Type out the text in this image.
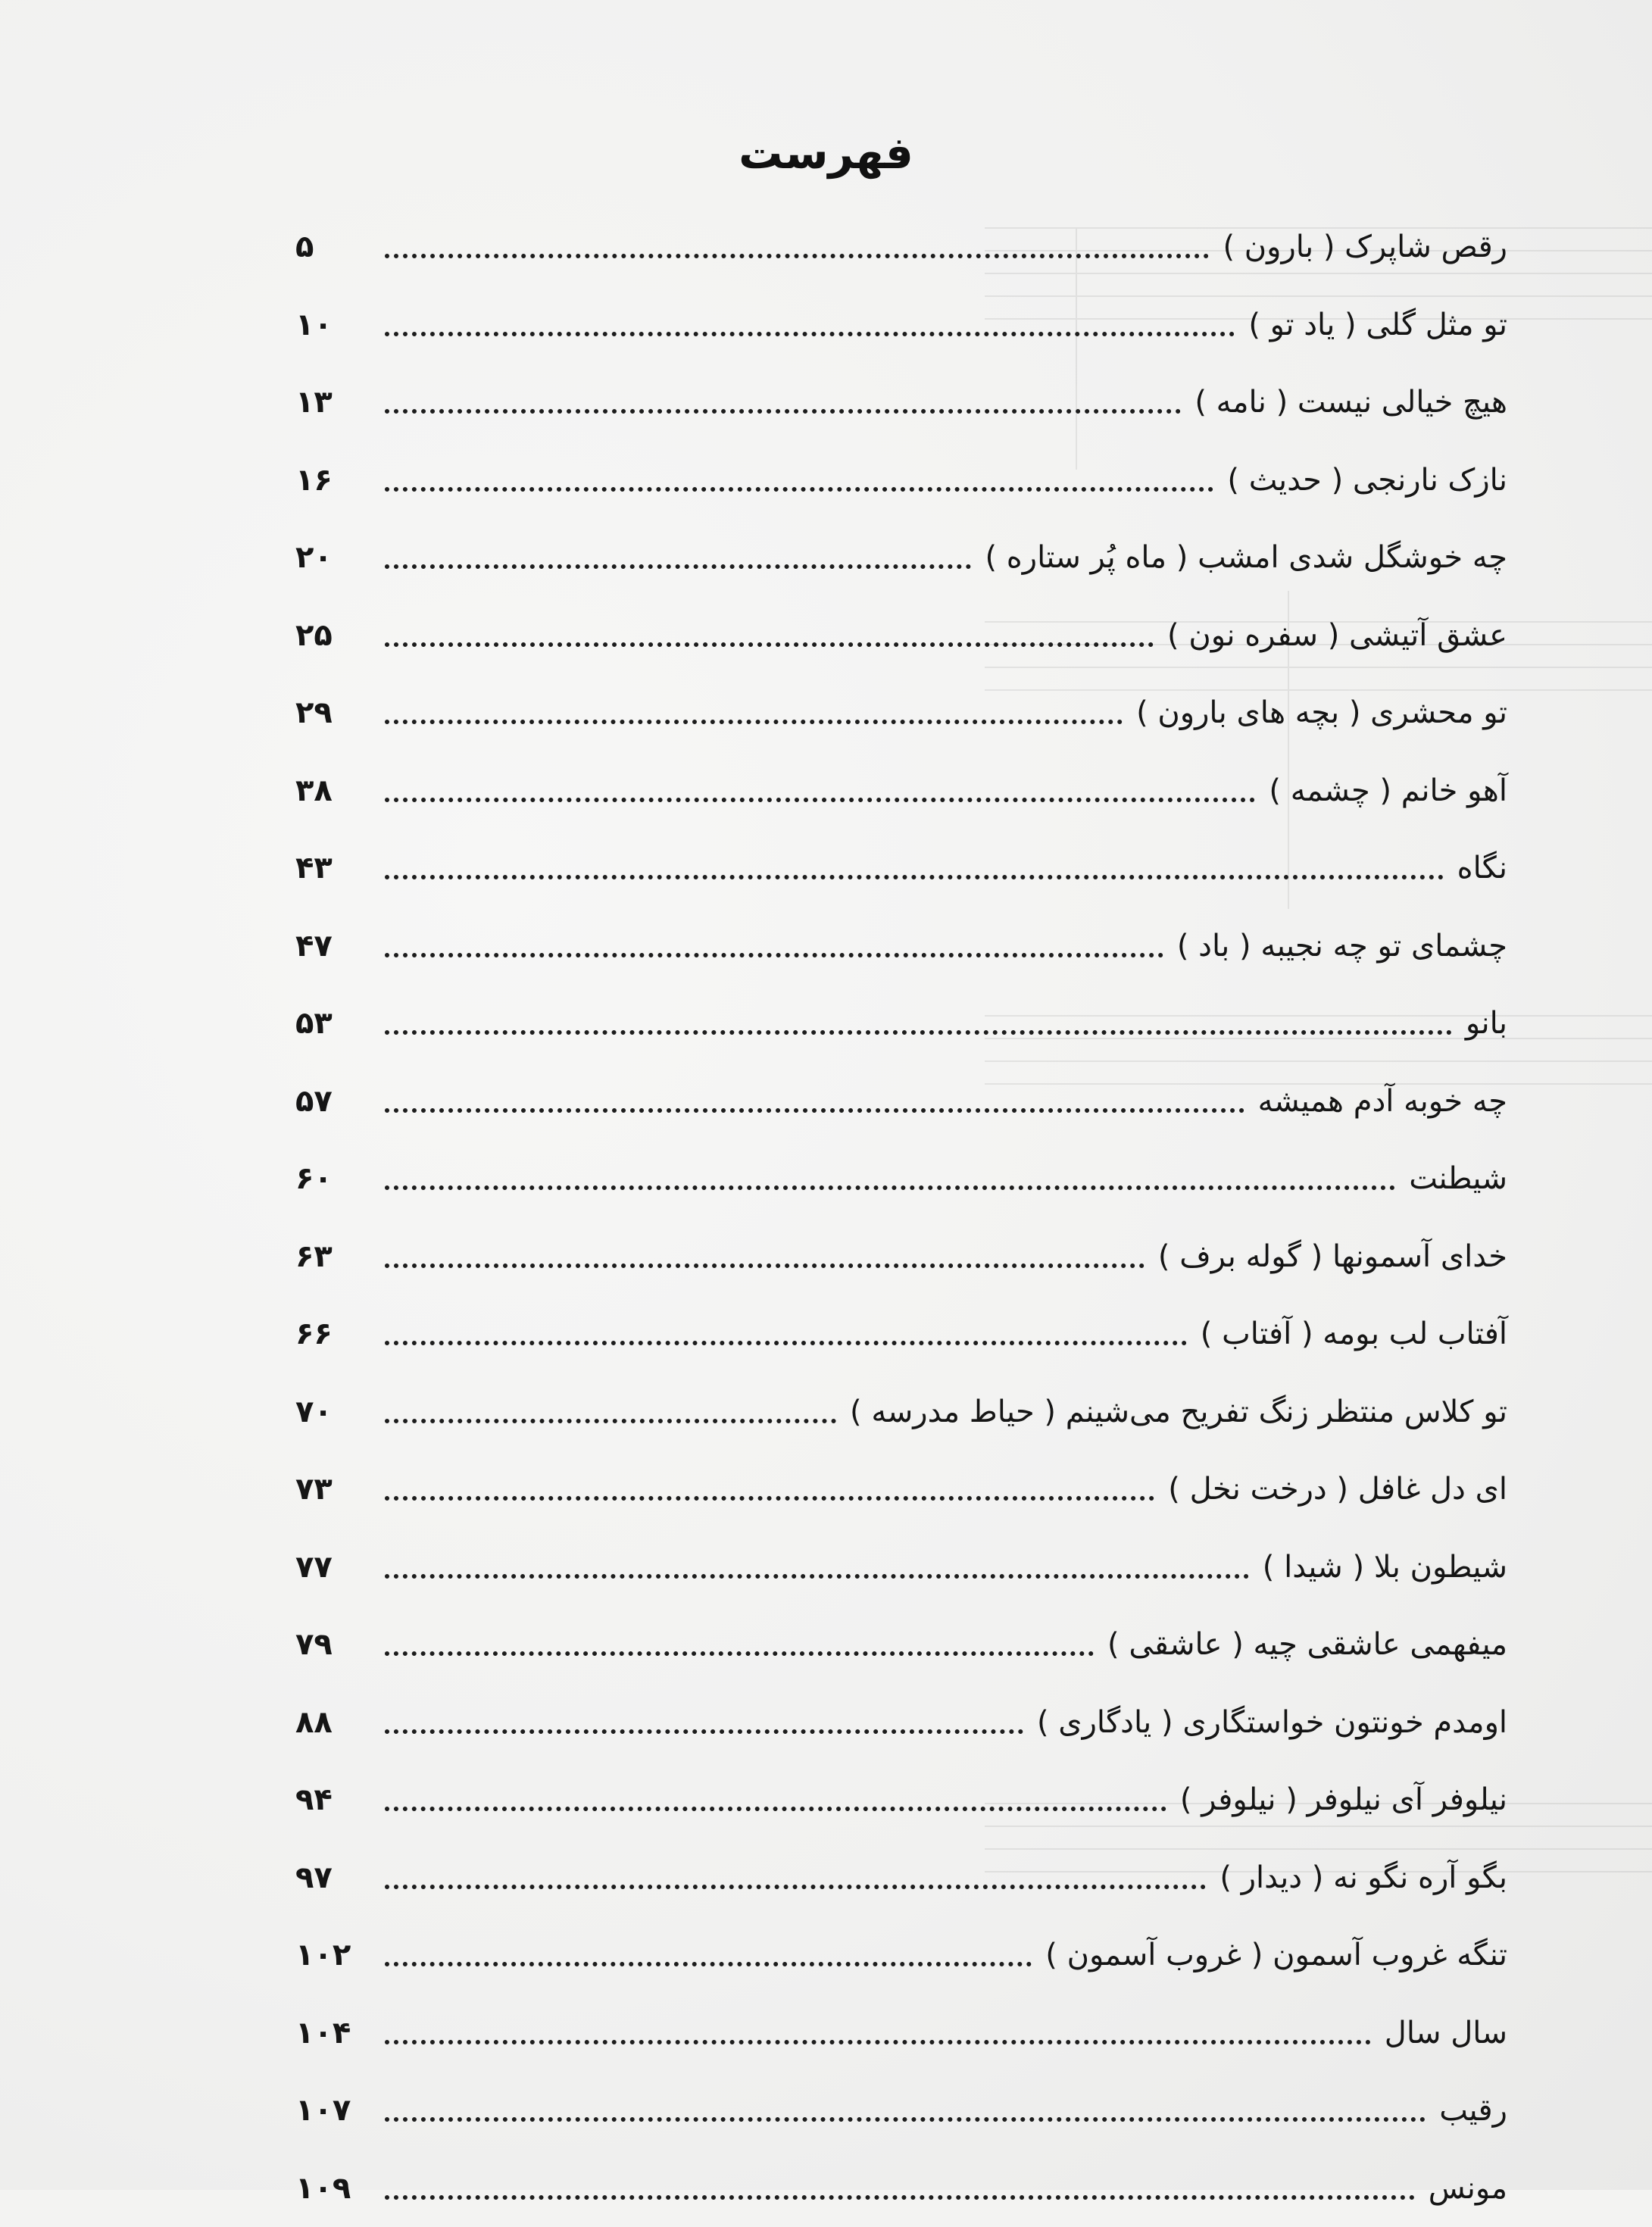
فهرست
رقص شاپرک ( بارون )
۵
تو مثل گلی ( یاد تو )
۱۰
هیچ خیالی نیست ( نامه )
۱۳
نازک نارنجی ( حدیث )
۱۶
چه خوشگل شدی امشب ( ماه پُر ستاره )
۲۰
عشق آتیشی ( سفره نون )
۲۵
تو محشری ( بچه های بارون )
۲۹
آهو خانم ( چشمه )
۳۸
نگاه
۴۳
چشمای تو چه نجیبه ( باد )
۴۷
بانو
۵۳
چه خوبه آدم همیشه
۵۷
شیطنت
۶۰
خدای آسمونها ( گوله برف )
۶۳
آفتاب لب بومه ( آفتاب )
۶۶
تو کلاس منتظر زنگ تفریح می‌شینم ( حیاط مدرسه )
۷۰
ای دل غافل ( درخت نخل )
۷۳
شیطون بلا ( شیدا )
۷۷
میفهمی عاشقی چیه ( عاشقی )
۷۹
اومدم خونتون خواستگاری ( یادگاری )
۸۸
نیلوفر آی نیلوفر ( نیلوفر )
۹۴
بگو آره نگو نه ( دیدار )
۹۷
تنگه غروب آسمون ( غروب آسمون )
۱۰۲
سال سال
۱۰۴
رقیب
۱۰۷
مونس
۱۰۹
